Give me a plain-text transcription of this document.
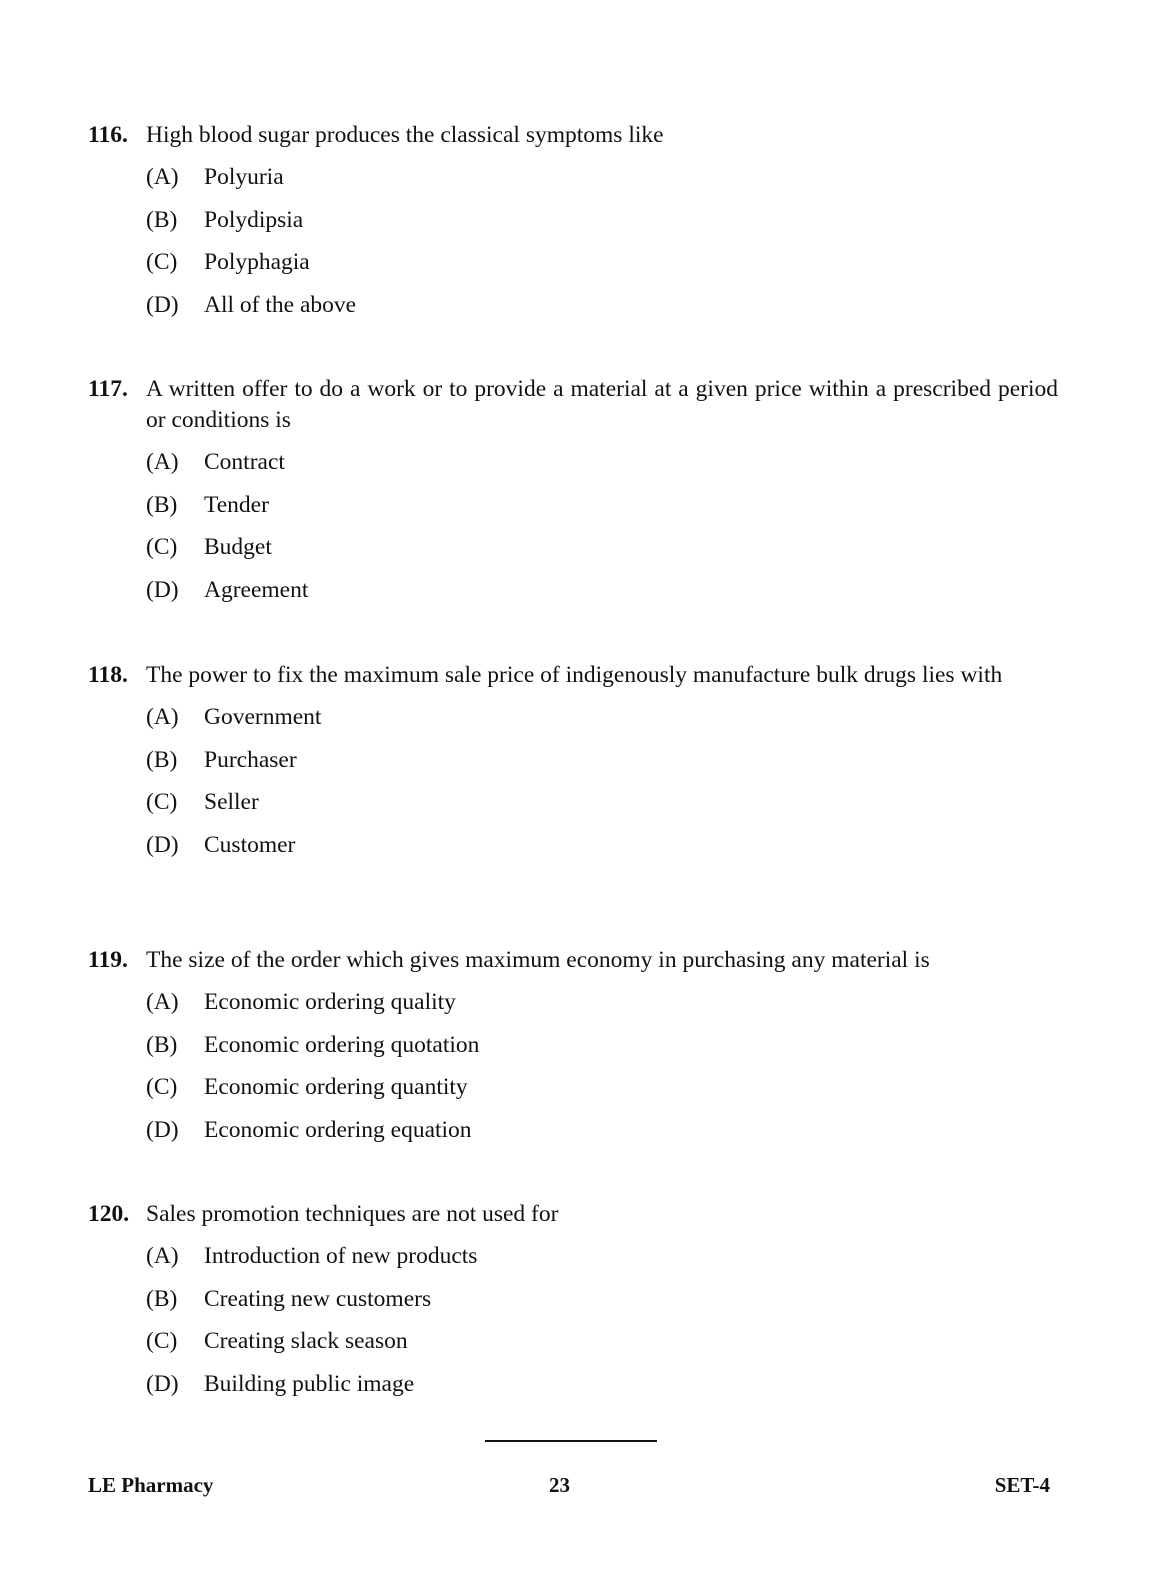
116. High blood sugar produces the classical symptoms like
(A)	Polyuria
(B)	Polydipsia
(C)	Polyphagia
(D)	All of the above
117. A written offer to do a work or to provide a material at a given price within a prescribed period or conditions is
(A)	Contract
(B)	Tender
(C)	Budget
(D)	Agreement
118. The power to fix the maximum sale price of indigenously manufacture bulk drugs lies with
(A)	Government
(B)	Purchaser
(C)	Seller
(D)	Customer
119. The size of the order which gives maximum economy in purchasing any material is
(A)	Economic ordering quality
(B)	Economic ordering quotation
(C)	Economic ordering quantity
(D)	Economic ordering equation
120. Sales promotion techniques are not used for
(A)	Introduction of new products
(B)	Creating new customers
(C)	Creating slack season
(D)	Building public image
LE Pharmacy	23	SET-4
